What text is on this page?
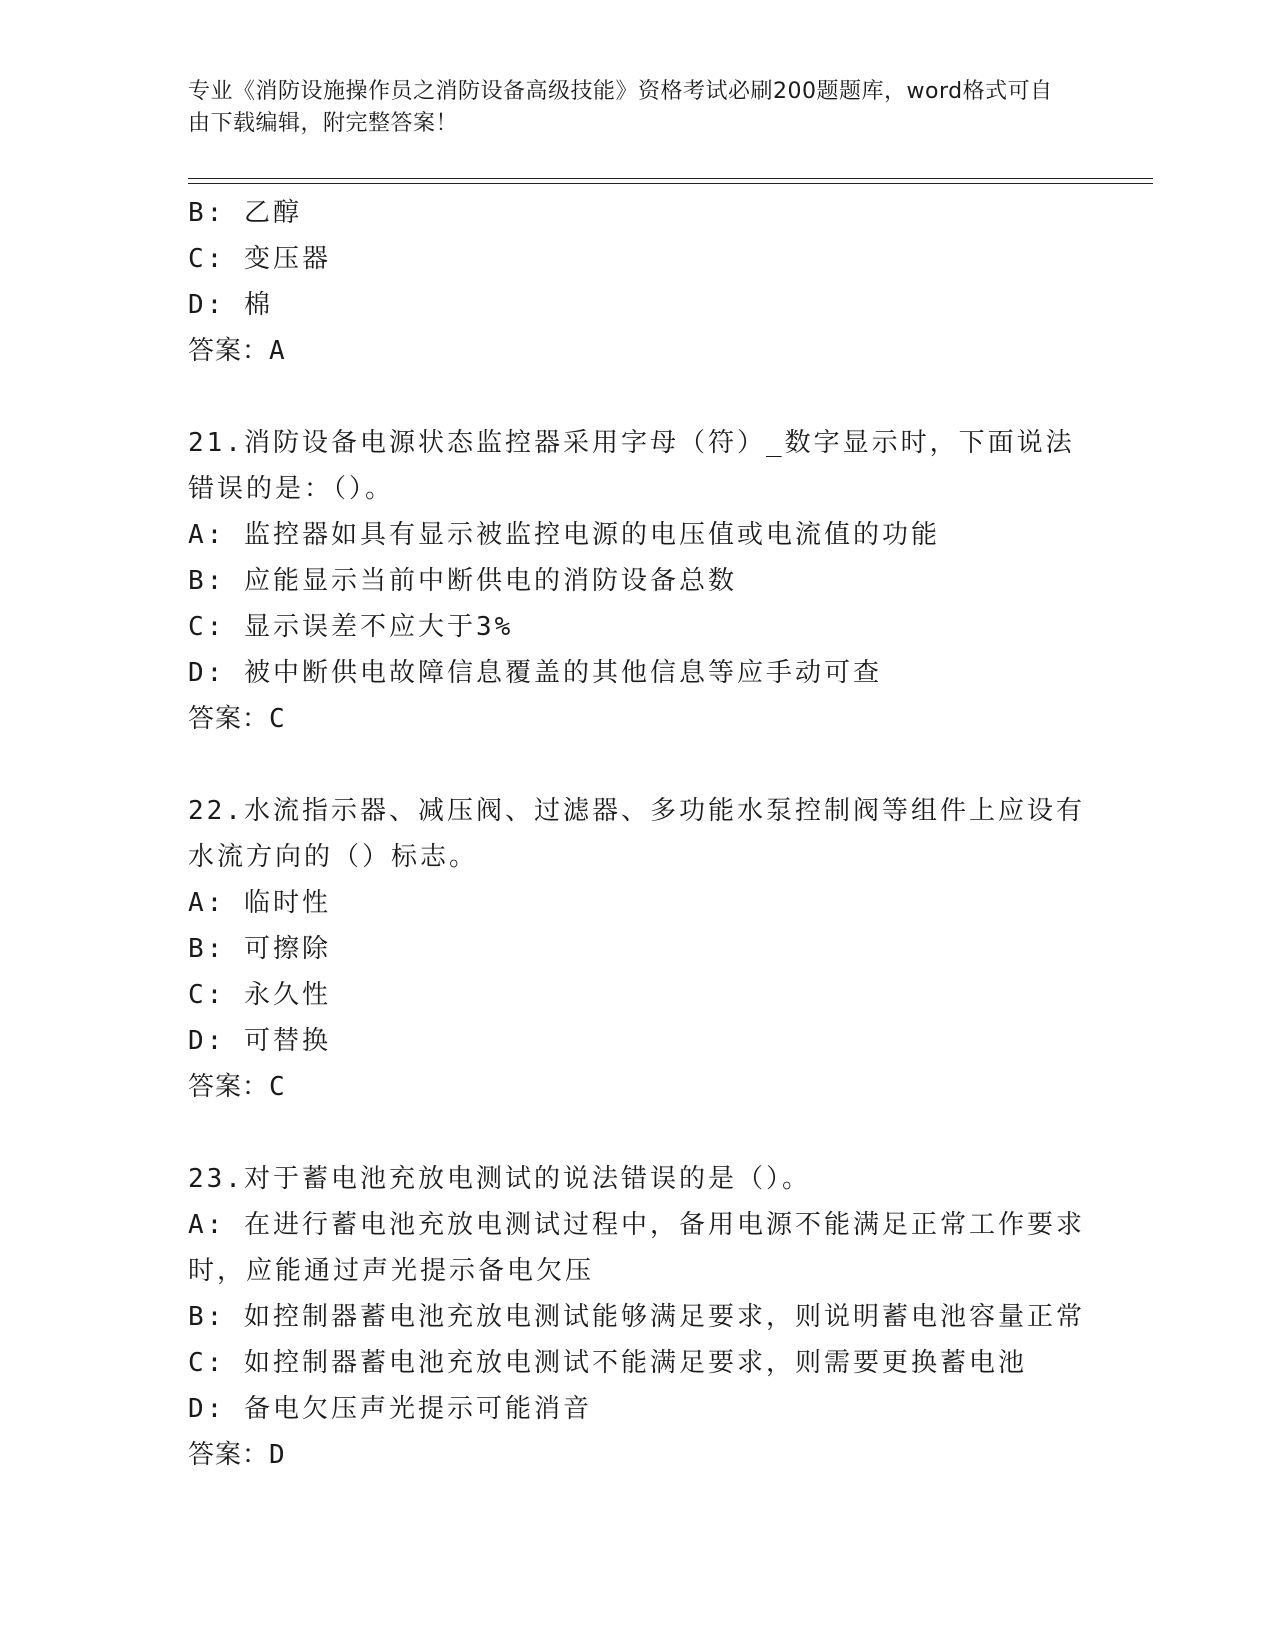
专业《消防设施操作员之消防设备高级技能》资格考试必刷200题题库，word格式可自由下载编辑，附完整答案！
B: 乙醇
C: 变压器
D: 棉
答案：A
21.消防设备电源状态监控器采用字母（符）_数字显示时，下面说法
错误的是：（）。
A: 监控器如具有显示被监控电源的电压值或电流值的功能
B: 应能显示当前中断供电的消防设备总数
C: 显示误差不应大于3%
D: 被中断供电故障信息覆盖的其他信息等应手动可查
答案：C
22.水流指示器、减压阀、过滤器、多功能水泵控制阀等组件上应设有
水流方向的（）标志。
A: 临时性
B: 可擦除
C: 永久性
D: 可替换
答案：C
23.对于蓄电池充放电测试的说法错误的是（）。
A: 在进行蓄电池充放电测试过程中，备用电源不能满足正常工作要求
时，应能通过声光提示备电欠压
B: 如控制器蓄电池充放电测试能够满足要求，则说明蓄电池容量正常
C: 如控制器蓄电池充放电测试不能满足要求，则需要更换蓄电池
D: 备电欠压声光提示可能消音
答案：D
